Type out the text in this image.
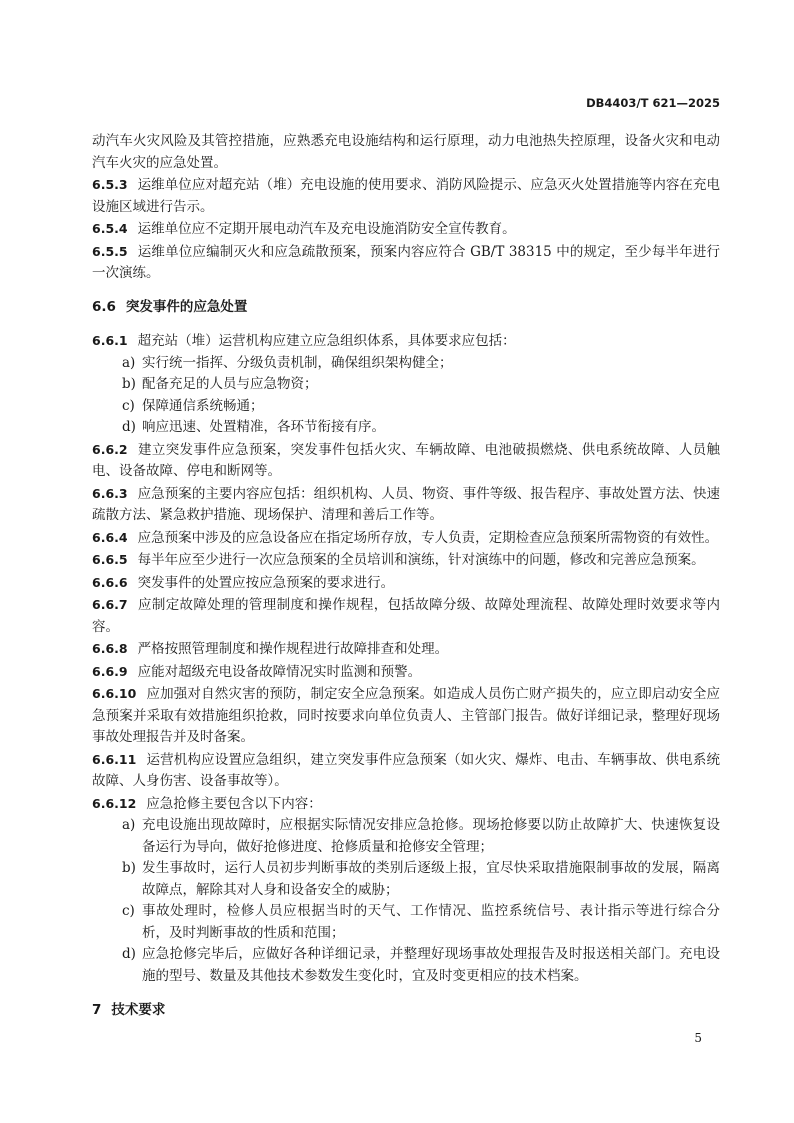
DB4403/T 621—2025

动汽车火灾风险及其管控措施，应熟悉充电设施结构和运行原理，动力电池热失控原理，设备火灾和电动汽车火灾的应急处置。

6.5.3 运维单位应对超充站（堆）充电设施的使用要求、消防风险提示、应急灭火处置措施等内容在充电设施区域进行告示。

6.5.4 运维单位应不定期开展电动汽车及充电设施消防安全宣传教育。

6.5.5 运维单位应编制灭火和应急疏散预案，预案内容应符合 GB/T 38315 中的规定，至少每半年进行一次演练。

6.6 突发事件的应急处置

6.6.1 超充站（堆）运营机构应建立应急组织体系，具体要求应包括：

a) 实行统一指挥、分级负责机制，确保组织架构健全；

b) 配备充足的人员与应急物资；

c) 保障通信系统畅通；

d) 响应迅速、处置精准，各环节衔接有序。

6.6.2 建立突发事件应急预案，突发事件包括火灾、车辆故障、电池破损燃烧、供电系统故障、人员触电、设备故障、停电和断网等。

6.6.3 应急预案的主要内容应包括：组织机构、人员、物资、事件等级、报告程序、事故处置方法、快速疏散方法、紧急救护措施、现场保护、清理和善后工作等。

6.6.4 应急预案中涉及的应急设备应在指定场所存放，专人负责，定期检查应急预案所需物资的有效性。

6.6.5 每半年应至少进行一次应急预案的全员培训和演练，针对演练中的问题，修改和完善应急预案。

6.6.6 突发事件的处置应按应急预案的要求进行。

6.6.7 应制定故障处理的管理制度和操作规程，包括故障分级、故障处理流程、故障处理时效要求等内容。

6.6.8 严格按照管理制度和操作规程进行故障排查和处理。

6.6.9 应能对超级充电设备故障情况实时监测和预警。

6.6.10 应加强对自然灾害的预防，制定安全应急预案。如造成人员伤亡财产损失的，应立即启动安全应急预案并采取有效措施组织抢救，同时按要求向单位负责人、主管部门报告。做好详细记录，整理好现场事故处理报告并及时备案。

6.6.11 运营机构应设置应急组织，建立突发事件应急预案（如火灾、爆炸、电击、车辆事故、供电系统故障、人身伤害、设备事故等）。

6.6.12 应急抢修主要包含以下内容：

a) 充电设施出现故障时，应根据实际情况安排应急抢修。现场抢修要以防止故障扩大、快速恢复设备运行为导向，做好抢修进度、抢修质量和抢修安全管理；

b) 发生事故时，运行人员初步判断事故的类别后逐级上报，宜尽快采取措施限制事故的发展，隔离故障点，解除其对人身和设备安全的威胁；

c) 事故处理时，检修人员应根据当时的天气、工作情况、监控系统信号、表计指示等进行综合分析，及时判断事故的性质和范围；

d) 应急抢修完毕后，应做好各种详细记录，并整理好现场事故处理报告及时报送相关部门。充电设施的型号、数量及其他技术参数发生变化时，宜及时变更相应的技术档案。

7 技术要求

5
